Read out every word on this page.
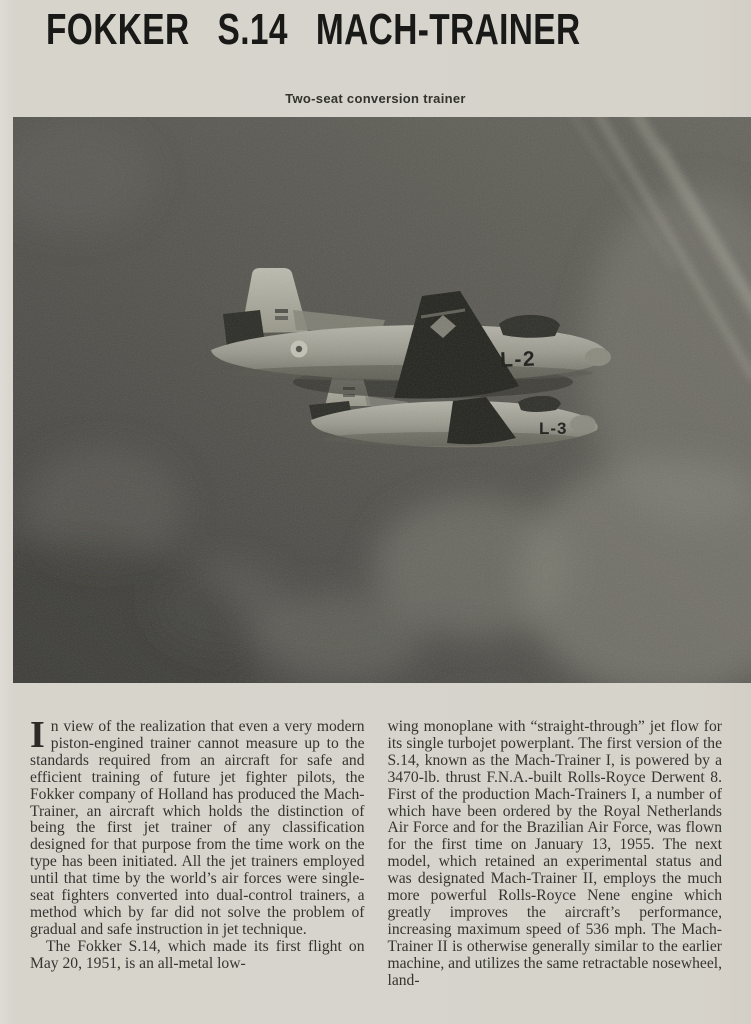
FOKKER S.14 MACH-TRAINER

Two-seat conversion trainer

L-3
L-2

In view of the realization that even a very modern piston-engined trainer cannot measure up to the standards required from an aircraft for safe and efficient training of future jet fighter pilots, the Fokker company of Holland has produced the Mach-Trainer, an aircraft which holds the distinction of being the first jet trainer of any classification designed for that purpose from the time work on the type has been initiated. All the jet trainers employed until that time by the world’s air forces were single-seat fighters converted into dual-control trainers, a method which by far did not solve the problem of gradual and safe instruction in jet technique.

The Fokker S.14, which made its first flight on May 20, 1951, is an all-metal low-

wing monoplane with “straight-through” jet flow for its single turbojet powerplant. The first version of the S.14, known as the Mach-Trainer I, is powered by a 3470-lb. thrust F.N.A.-built Rolls-Royce Derwent 8. First of the production Mach-Trainers I, a number of which have been ordered by the Royal Netherlands Air Force and for the Brazilian Air Force, was flown for the first time on January 13, 1955. The next model, which retained an experimental status and was designated Mach-Trainer II, employs the much more powerful Rolls-Royce Nene engine which greatly improves the aircraft’s performance, increasing maximum speed of 536 mph. The Mach-Trainer II is otherwise generally similar to the earlier machine, and utilizes the same retractable nosewheel, land-
